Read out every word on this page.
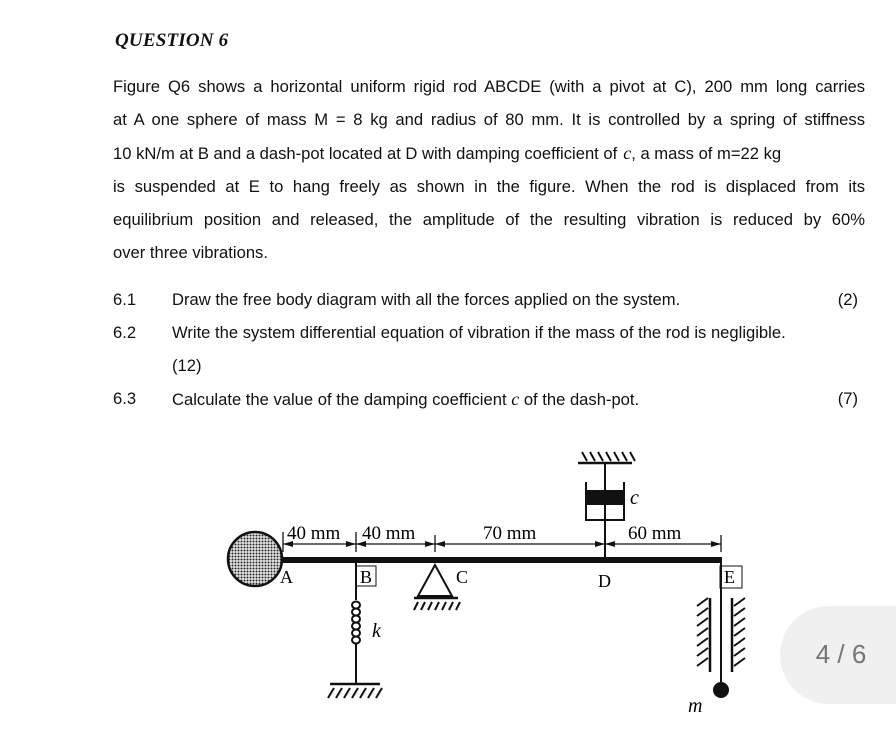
QUESTION 6
Figure Q6 shows a horizontal uniform rigid rod ABCDE (with a pivot at C), 200 mm long carries
at A one sphere of mass M = 8 kg and radius of 80 mm. It is controlled by a spring of stiffness
10 kN/m at B and a dash-pot located at D with damping coefficient of c , a mass of m=22 kg
is suspended at E to hang freely as shown in the figure. When the rod is displaced from its
equilibrium position and released, the amplitude of the resulting vibration is reduced by 60%
over three vibrations.
6.1 Draw the free body diagram with all the forces applied on the system.	(2)
6.2 Write the system differential equation of vibration if the mass of the rod is negligible.
(12)
6.3 Calculate the value of the damping coefficient c of the dash-pot.	(7)
40 mm 40 mm	70 mm	60 mm
A	B	C	D	E
k
c
m
4 / 6
